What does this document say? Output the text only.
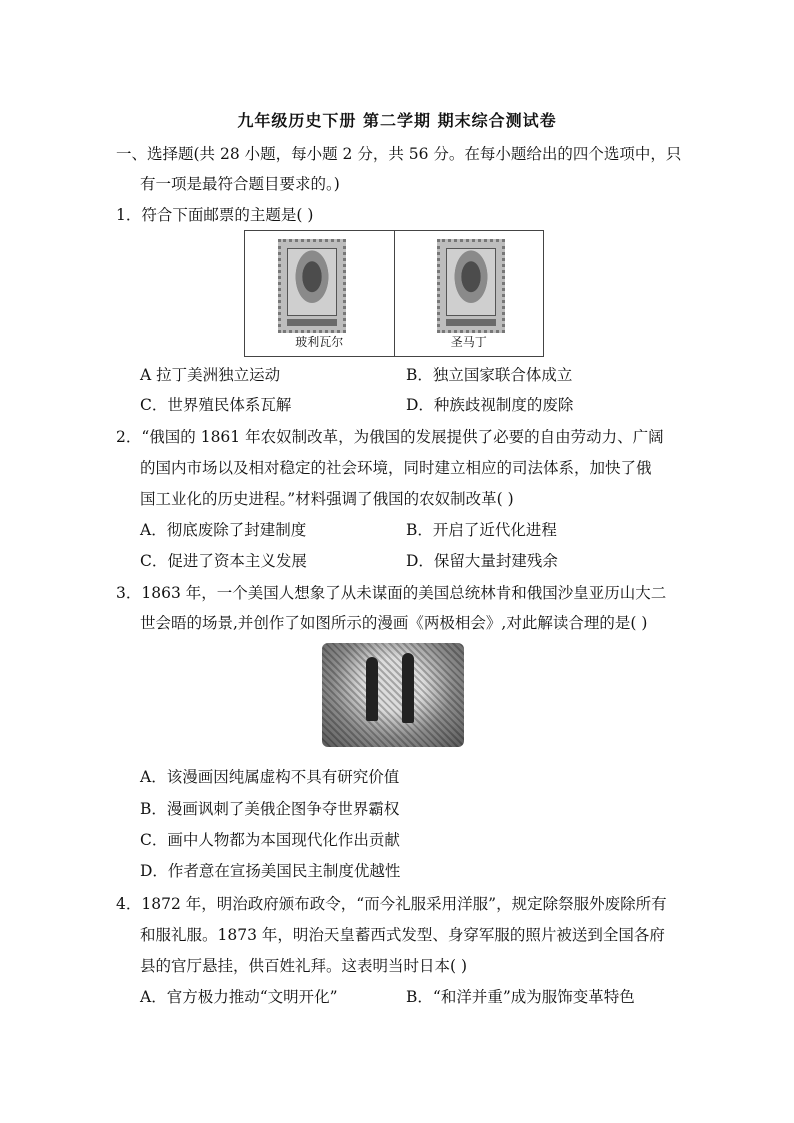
九年级历史下册 第二学期 期末综合测试卷
一、选择题(共 28 小题，每小题 2 分，共 56 分。在每小题给出的四个选项中，只
有一项是最符合题目要求的。)
1．符合下面邮票的主题是( )
玻利瓦尔	圣马丁
A 拉丁美洲独立运动	B．独立国家联合体成立
C．世界殖民体系瓦解	D．种族歧视制度的废除
2．“俄国的 1861 年农奴制改革，为俄国的发展提供了必要的自由劳动力、广阔
的国内市场以及相对稳定的社会环境，同时建立相应的司法体系，加快了俄
国工业化的历史进程。”材料强调了俄国的农奴制改革( )
A．彻底废除了封建制度	B．开启了近代化进程
C．促进了资本主义发展	D．保留大量封建残余
3．1863 年，一个美国人想象了从未谋面的美国总统林肯和俄国沙皇亚历山大二
世会晤的场景,并创作了如图所示的漫画《两极相会》,对此解读合理的是( )
A．该漫画因纯属虚构不具有研究价值
B．漫画讽刺了美俄企图争夺世界霸权
C．画中人物都为本国现代化作出贡献
D．作者意在宣扬美国民主制度优越性
4．1872 年，明治政府颁布政令，“而今礼服采用洋服”，规定除祭服外废除所有
和服礼服。1873 年，明治天皇蓄西式发型、身穿军服的照片被送到全国各府
县的官厅悬挂，供百姓礼拜。这表明当时日本( )
A．官方极力推动“文明开化”	B．“和洋并重”成为服饰变革特色
